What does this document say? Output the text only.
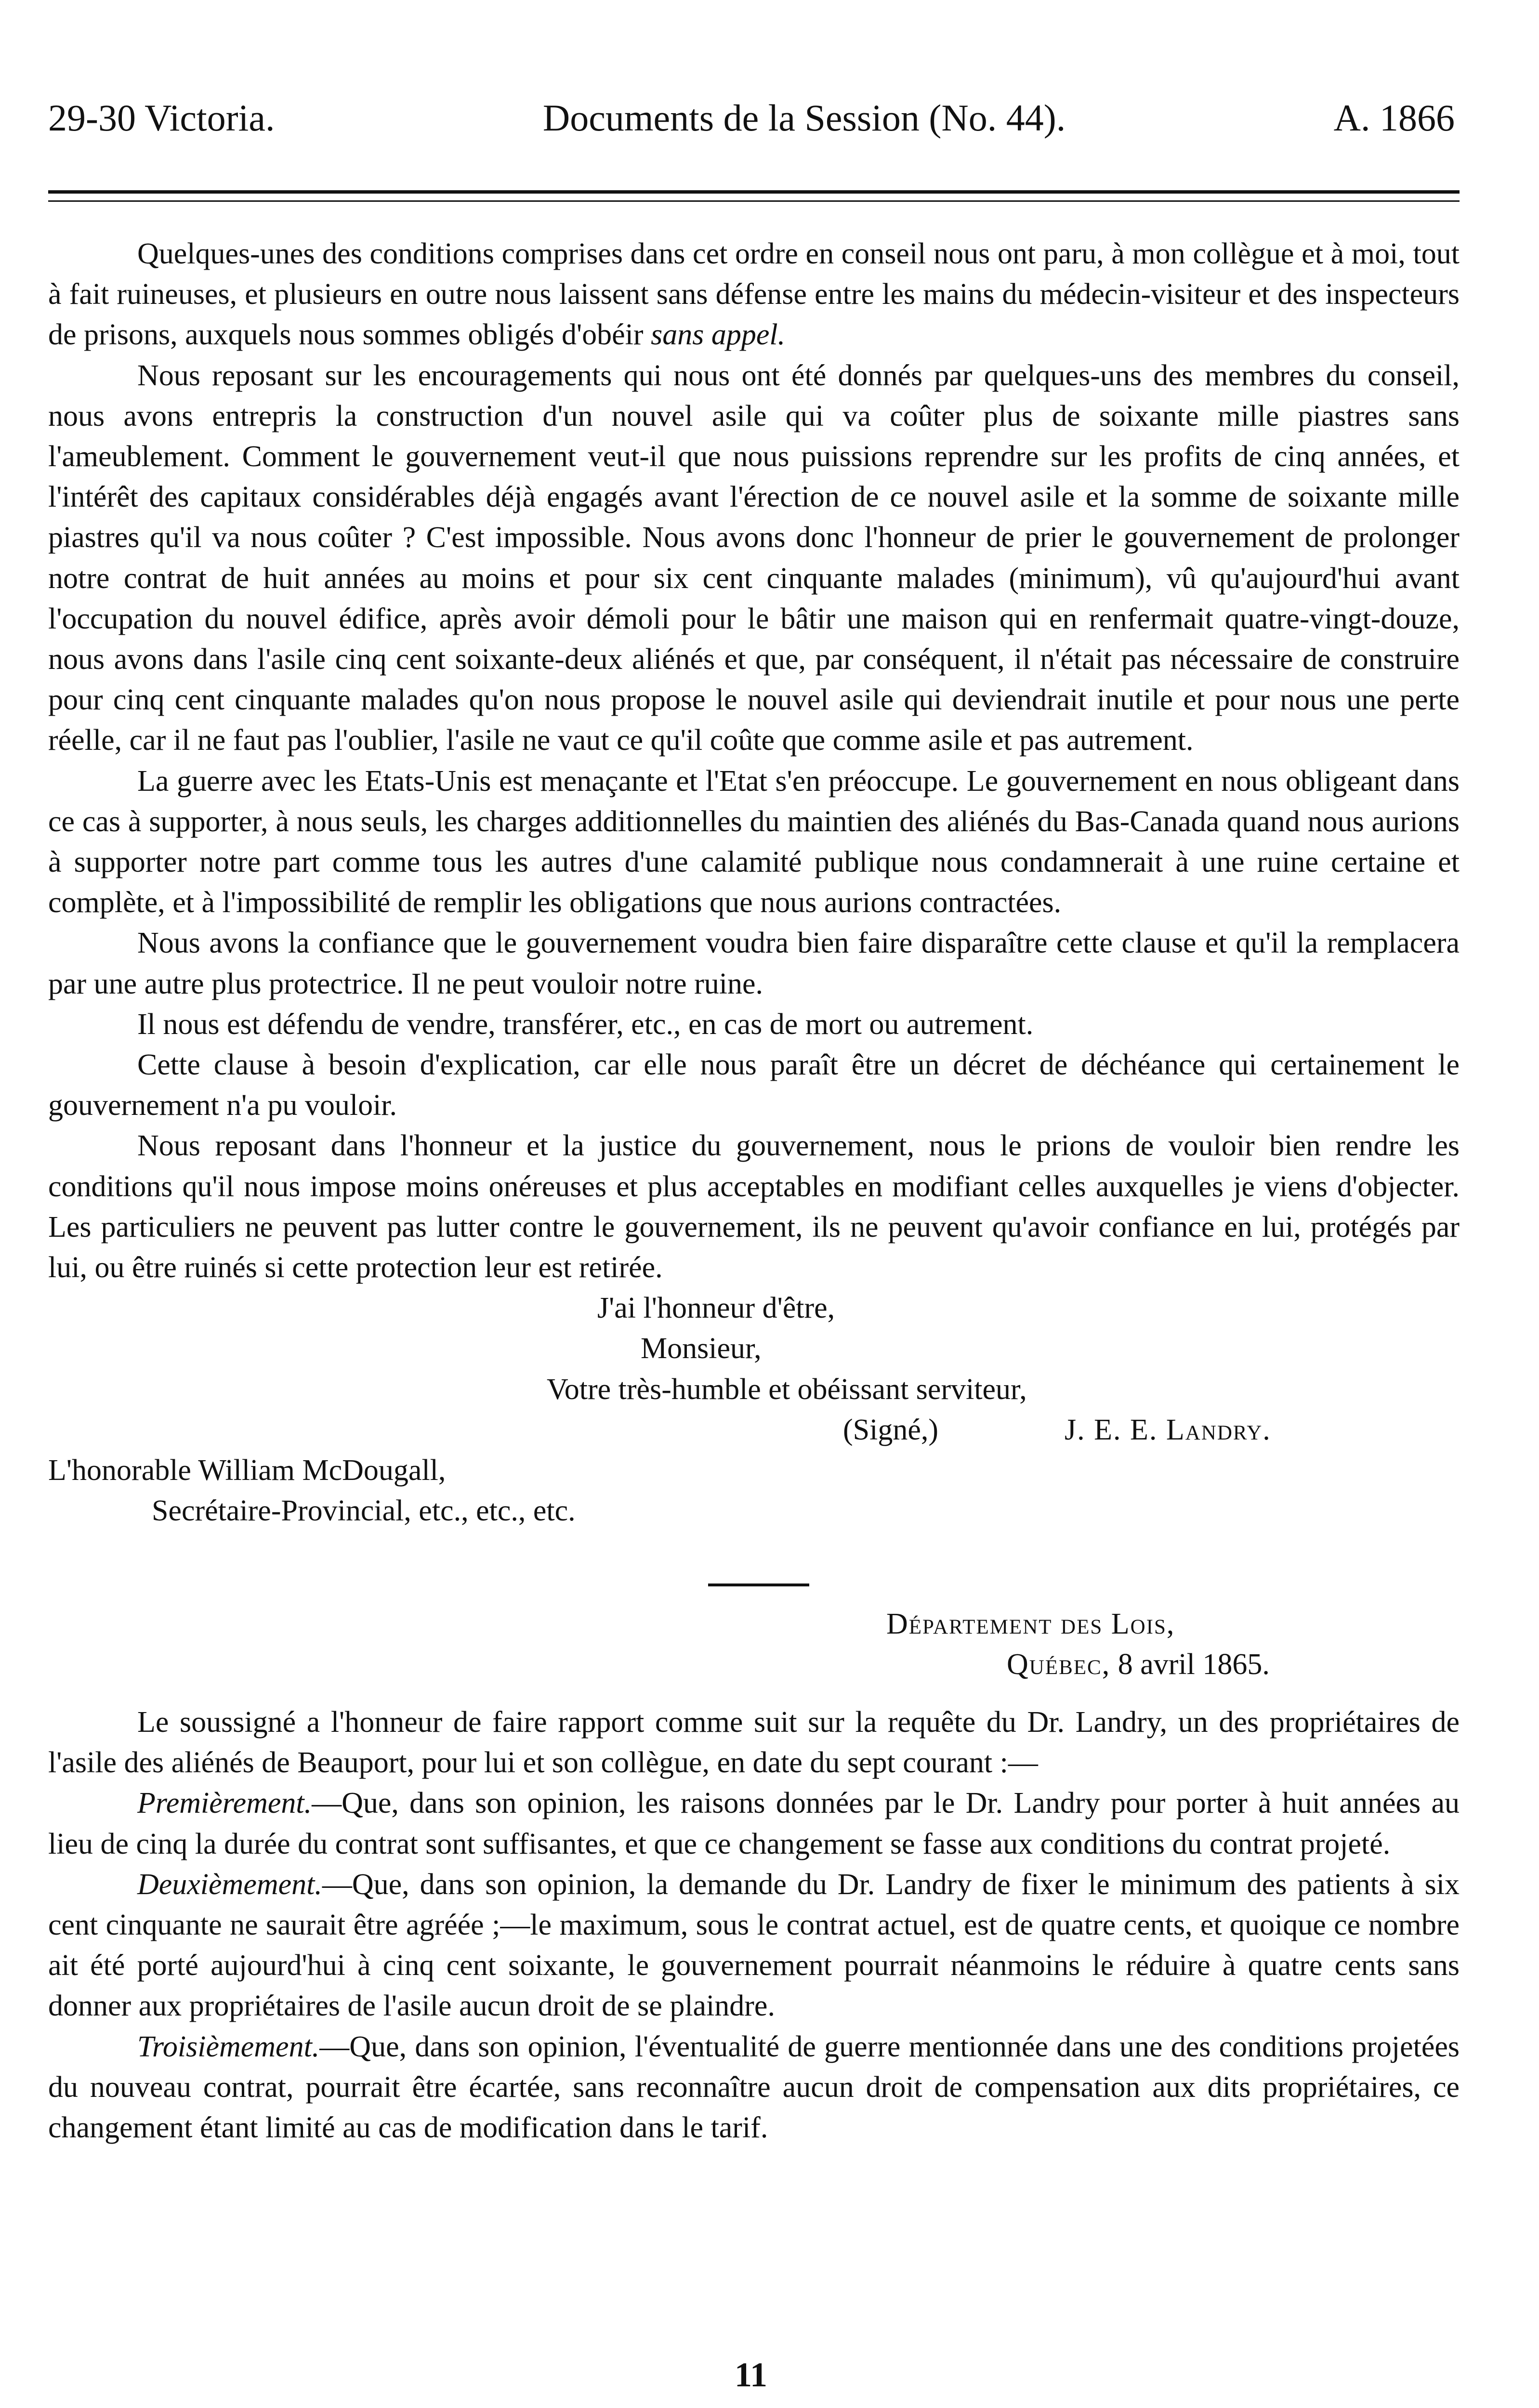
29-30 Victoria.	Documents de la Session (No. 44).	A. 1866

Quelques-unes des conditions comprises dans cet ordre en conseil nous ont paru, à mon collègue et à moi, tout à fait ruineuses, et plusieurs en outre nous laissent sans défense entre les mains du médecin-visiteur et des inspecteurs de prisons, auxquels nous sommes obligés d'obéir sans appel.

Nous reposant sur les encouragements qui nous ont été donnés par quelques-uns des membres du conseil, nous avons entrepris la construction d'un nouvel asile qui va coûter plus de soixante mille piastres sans l'ameublement. Comment le gouvernement veut-il que nous puissions reprendre sur les profits de cinq années, et l'intérêt des capitaux considérables déjà engagés avant l'érection de ce nouvel asile et la somme de soixante mille piastres qu'il va nous coûter ? C'est impossible. Nous avons donc l'honneur de prier le gouvernement de prolonger notre contrat de huit années au moins et pour six cent cinquante malades (minimum), vû qu'aujourd'hui avant l'occupation du nouvel édifice, après avoir démoli pour le bâtir une maison qui en renfermait quatre-vingt-douze, nous avons dans l'asile cinq cent soixante-deux aliénés et que, par conséquent, il n'était pas nécessaire de construire pour cinq cent cinquante malades qu'on nous propose le nouvel asile qui deviendrait inutile et pour nous une perte réelle, car il ne faut pas l'oublier, l'asile ne vaut ce qu'il coûte que comme asile et pas autrement.

La guerre avec les Etats-Unis est menaçante et l'Etat s'en préoccupe. Le gouvernement en nous obligeant dans ce cas à supporter, à nous seuls, les charges additionnelles du maintien des aliénés du Bas-Canada quand nous aurions à supporter notre part comme tous les autres d'une calamité publique nous condamnerait à une ruine certaine et complète, et à l'impossibilité de remplir les obligations que nous aurions contractées.

Nous avons la confiance que le gouvernement voudra bien faire disparaître cette clause et qu'il la remplacera par une autre plus protectrice. Il ne peut vouloir notre ruine.

Il nous est défendu de vendre, transférer, etc., en cas de mort ou autrement.

Cette clause à besoin d'explication, car elle nous paraît être un décret de déchéance qui certainement le gouvernement n'a pu vouloir.

Nous reposant dans l'honneur et la justice du gouvernement, nous le prions de vouloir bien rendre les conditions qu'il nous impose moins onéreuses et plus acceptables en modifiant celles auxquelles je viens d'objecter. Les particuliers ne peuvent pas lutter contre le gouvernement, ils ne peuvent qu'avoir confiance en lui, protégés par lui, ou être ruinés si cette protection leur est retirée.

J'ai l'honneur d'être,
Monsieur,
Votre très-humble et obéissant serviteur,
(Signé,)	J. E. E. Landry.
L'honorable William McDougall,
Secrétaire-Provincial, etc., etc., etc.
Département des Lois,
Québec, 8 avril 1865.

Le soussigné a l'honneur de faire rapport comme suit sur la requête du Dr. Landry, un des propriétaires de l'asile des aliénés de Beauport, pour lui et son collègue, en date du sept courant :—

Premièrement.—Que, dans son opinion, les raisons données par le Dr. Landry pour porter à huit années au lieu de cinq la durée du contrat sont suffisantes, et que ce changement se fasse aux conditions du contrat projeté.

Deuxièmement.—Que, dans son opinion, la demande du Dr. Landry de fixer le minimum des patients à six cent cinquante ne saurait être agréée ;—le maximum, sous le contrat actuel, est de quatre cents, et quoique ce nombre ait été porté aujourd'hui à cinq cent soixante, le gouvernement pourrait néanmoins le réduire à quatre cents sans donner aux propriétaires de l'asile aucun droit de se plaindre.

Troisièmement.—Que, dans son opinion, l'éventualité de guerre mentionnée dans une des conditions projetées du nouveau contrat, pourrait être écartée, sans reconnaître aucun droit de compensation aux dits propriétaires, ce changement étant limité au cas de modification dans le tarif.

11
